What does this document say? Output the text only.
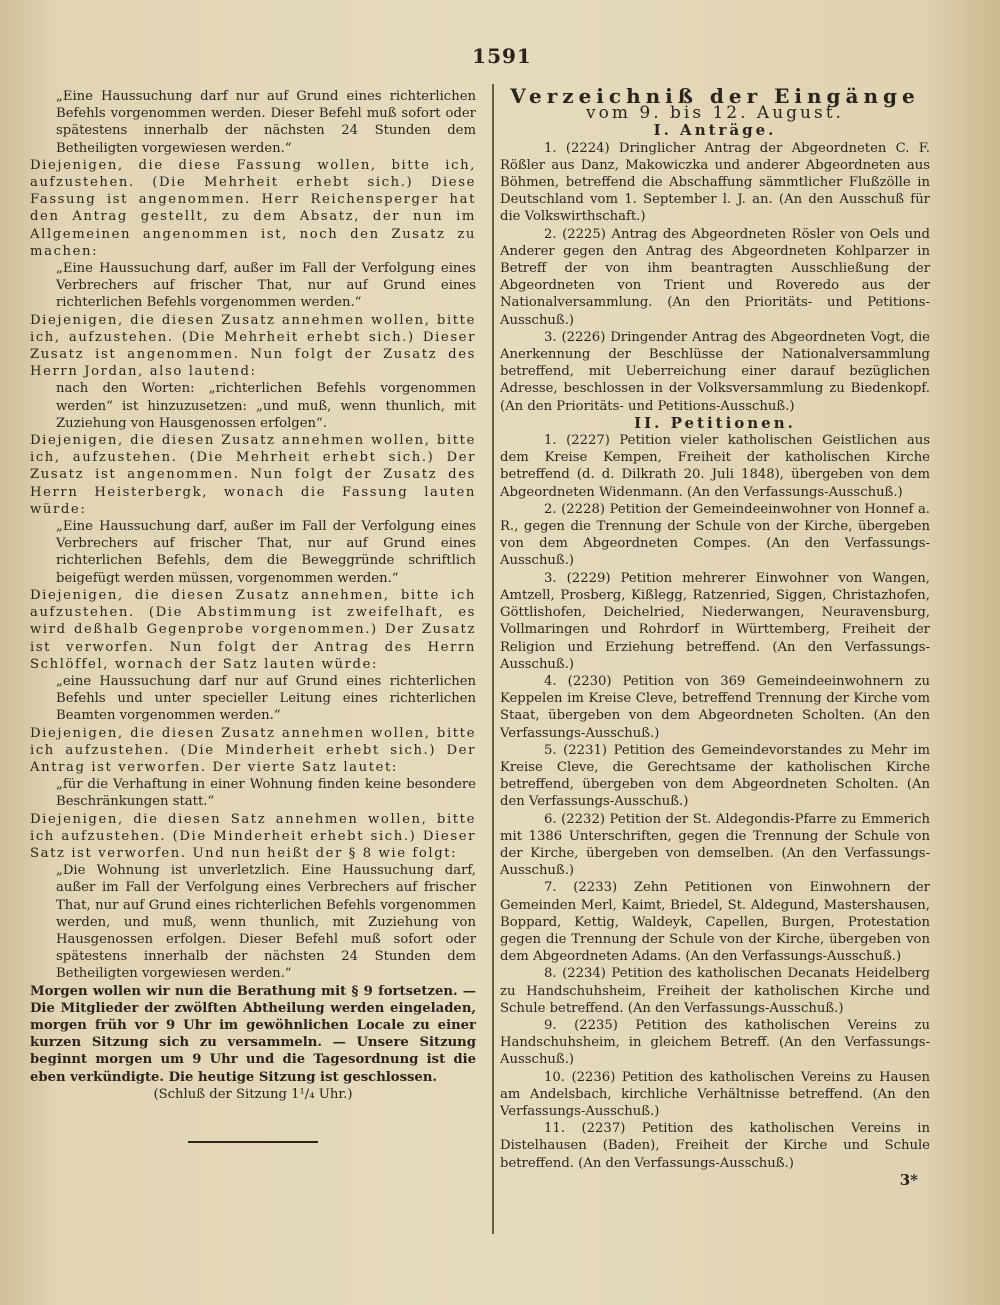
1591

„Eine Haussuchung darf nur auf Grund eines richterlichen Befehls vorgenommen werden. Dieser Befehl muß sofort oder spätestens innerhalb der nächsten 24 Stunden dem Betheiligten vorgewiesen werden.“

Diejenigen, die diese Fassung wollen, bitte ich, aufzustehen. (Die Mehrheit erhebt sich.) Diese Fassung ist angenommen. Herr Reichensperger hat den Antrag gestellt, zu dem Absatz, der nun im Allgemeinen angenommen ist, noch den Zusatz zu machen:

„Eine Haussuchung darf, außer im Fall der Verfolgung eines Verbrechers auf frischer That, nur auf Grund eines richterlichen Befehls vorgenommen werden.“

Diejenigen, die diesen Zusatz annehmen wollen, bitte ich, aufzustehen. (Die Mehrheit erhebt sich.) Dieser Zusatz ist angenommen. Nun folgt der Zusatz des Herrn Jordan, also lautend:

nach den Worten: „richterlichen Befehls vorgenommen werden“ ist hinzuzusetzen: „und muß, wenn thunlich, mit Zuziehung von Hausgenossen erfolgen“.

Diejenigen, die diesen Zusatz annehmen wollen, bitte ich, aufzustehen. (Die Mehrheit erhebt sich.) Der Zusatz ist angenommen. Nun folgt der Zusatz des Herrn Heisterbergk, wonach die Fassung lauten würde:

„Eine Haussuchung darf, außer im Fall der Verfolgung eines Verbrechers auf frischer That, nur auf Grund eines richterlichen Befehls, dem die Beweggründe schriftlich beigefügt werden müssen, vorgenommen werden.“

Diejenigen, die diesen Zusatz annehmen, bitte ich aufzustehen. (Die Abstimmung ist zweifelhaft, es wird deßhalb Gegenprobe vorgenommen.) Der Zusatz ist verworfen. Nun folgt der Antrag des Herrn Schlöffel, wornach der Satz lauten würde:

„eine Haussuchung darf nur auf Grund eines richterlichen Befehls und unter specieller Leitung eines richterlichen Beamten vorgenommen werden.“

Diejenigen, die diesen Zusatz annehmen wollen, bitte ich aufzustehen. (Die Minderheit erhebt sich.) Der Antrag ist verworfen. Der vierte Satz lautet:

„für die Verhaftung in einer Wohnung finden keine besondere Beschränkungen statt.“

Diejenigen, die diesen Satz annehmen wollen, bitte ich aufzustehen. (Die Minderheit erhebt sich.) Dieser Satz ist verworfen. Und nun heißt der § 8 wie folgt:

„Die Wohnung ist unverletzlich. Eine Haussuchung darf, außer im Fall der Verfolgung eines Verbrechers auf frischer That, nur auf Grund eines richterlichen Befehls vorgenommen werden, und muß, wenn thunlich, mit Zuziehung von Hausgenossen erfolgen. Dieser Befehl muß sofort oder spätestens innerhalb der nächsten 24 Stunden dem Betheiligten vorgewiesen werden.“

Morgen wollen wir nun die Berathung mit § 9 fortsetzen. — Die Mitglieder der zwölften Abtheilung werden eingeladen, morgen früh vor 9 Uhr im gewöhnlichen Locale zu einer kurzen Sitzung sich zu versammeln. — Unsere Sitzung beginnt morgen um 9 Uhr und die Tagesordnung ist die eben verkündigte. Die heutige Sitzung ist geschlossen.

(Schluß der Sitzung 1¹/₄ Uhr.)

Verzeichniß der Eingänge

vom 9. bis 12. August.

I. Anträge.

1. (2224) Dringlicher Antrag der Abgeordneten C. F. Rößler aus Danz, Makowiczka und anderer Abgeordneten aus Böhmen, betreffend die Abschaffung sämmtlicher Flußzölle in Deutschland vom 1. September l. J. an. (An den Ausschuß für die Volkswirthschaft.)

2. (2225) Antrag des Abgeordneten Rösler von Oels und Anderer gegen den Antrag des Abgeordneten Kohlparzer in Betreff der von ihm beantragten Ausschließung der Abgeordneten von Trient und Roveredo aus der Nationalversammlung. (An den Prioritäts- und Petitions-Ausschuß.)

3. (2226) Dringender Antrag des Abgeordneten Vogt, die Anerkennung der Beschlüsse der Nationalversammlung betreffend, mit Ueberreichung einer darauf bezüglichen Adresse, beschlossen in der Volksversammlung zu Biedenkopf. (An den Prioritäts- und Petitions-Ausschuß.)

II. Petitionen.

1. (2227) Petition vieler katholischen Geistlichen aus dem Kreise Kempen, Freiheit der katholischen Kirche betreffend (d. d. Dilkrath 20. Juli 1848), übergeben von dem Abgeordneten Widenmann. (An den Verfassungs-Ausschuß.)

2. (2228) Petition der Gemeindeeinwohner von Honnef a. R., gegen die Trennung der Schule von der Kirche, übergeben von dem Abgeordneten Compes. (An den Verfassungs-Ausschuß.)

3. (2229) Petition mehrerer Einwohner von Wangen, Amtzell, Prosberg, Kißlegg, Ratzenried, Siggen, Christazhofen, Göttlishofen, Deichelried, Niederwangen, Neuravensburg, Vollmaringen und Rohrdorf in Württemberg, Freiheit der Religion und Erziehung betreffend. (An den Verfassungs-Ausschuß.)

4. (2230) Petition von 369 Gemeindeeinwohnern zu Keppelen im Kreise Cleve, betreffend Trennung der Kirche vom Staat, übergeben von dem Abgeordneten Scholten. (An den Verfassungs-Ausschuß.)

5. (2231) Petition des Gemeindevorstandes zu Mehr im Kreise Cleve, die Gerechtsame der katholischen Kirche betreffend, übergeben von dem Abgeordneten Scholten. (An den Verfassungs-Ausschuß.)

6. (2232) Petition der St. Aldegondis-Pfarre zu Emmerich mit 1386 Unterschriften, gegen die Trennung der Schule von der Kirche, übergeben von demselben. (An den Verfassungs-Ausschuß.)

7. (2233) Zehn Petitionen von Einwohnern der Gemeinden Merl, Kaimt, Briedel, St. Aldegund, Mastershausen, Boppard, Kettig, Waldeyk, Capellen, Burgen, Protestation gegen die Trennung der Schule von der Kirche, übergeben von dem Abgeordneten Adams. (An den Verfassungs-Ausschuß.)

8. (2234) Petition des katholischen Decanats Heidelberg zu Handschuhsheim, Freiheit der katholischen Kirche und Schule betreffend. (An den Verfassungs-Ausschuß.)

9. (2235) Petition des katholischen Vereins zu Handschuhsheim, in gleichem Betreff. (An den Verfassungs-Ausschuß.)

10. (2236) Petition des katholischen Vereins zu Hausen am Andelsbach, kirchliche Verhältnisse betreffend. (An den Verfassungs-Ausschuß.)

11. (2237) Petition des katholischen Vereins in Distelhausen (Baden), Freiheit der Kirche und Schule betreffend. (An den Verfassungs-Ausschuß.)

3*
